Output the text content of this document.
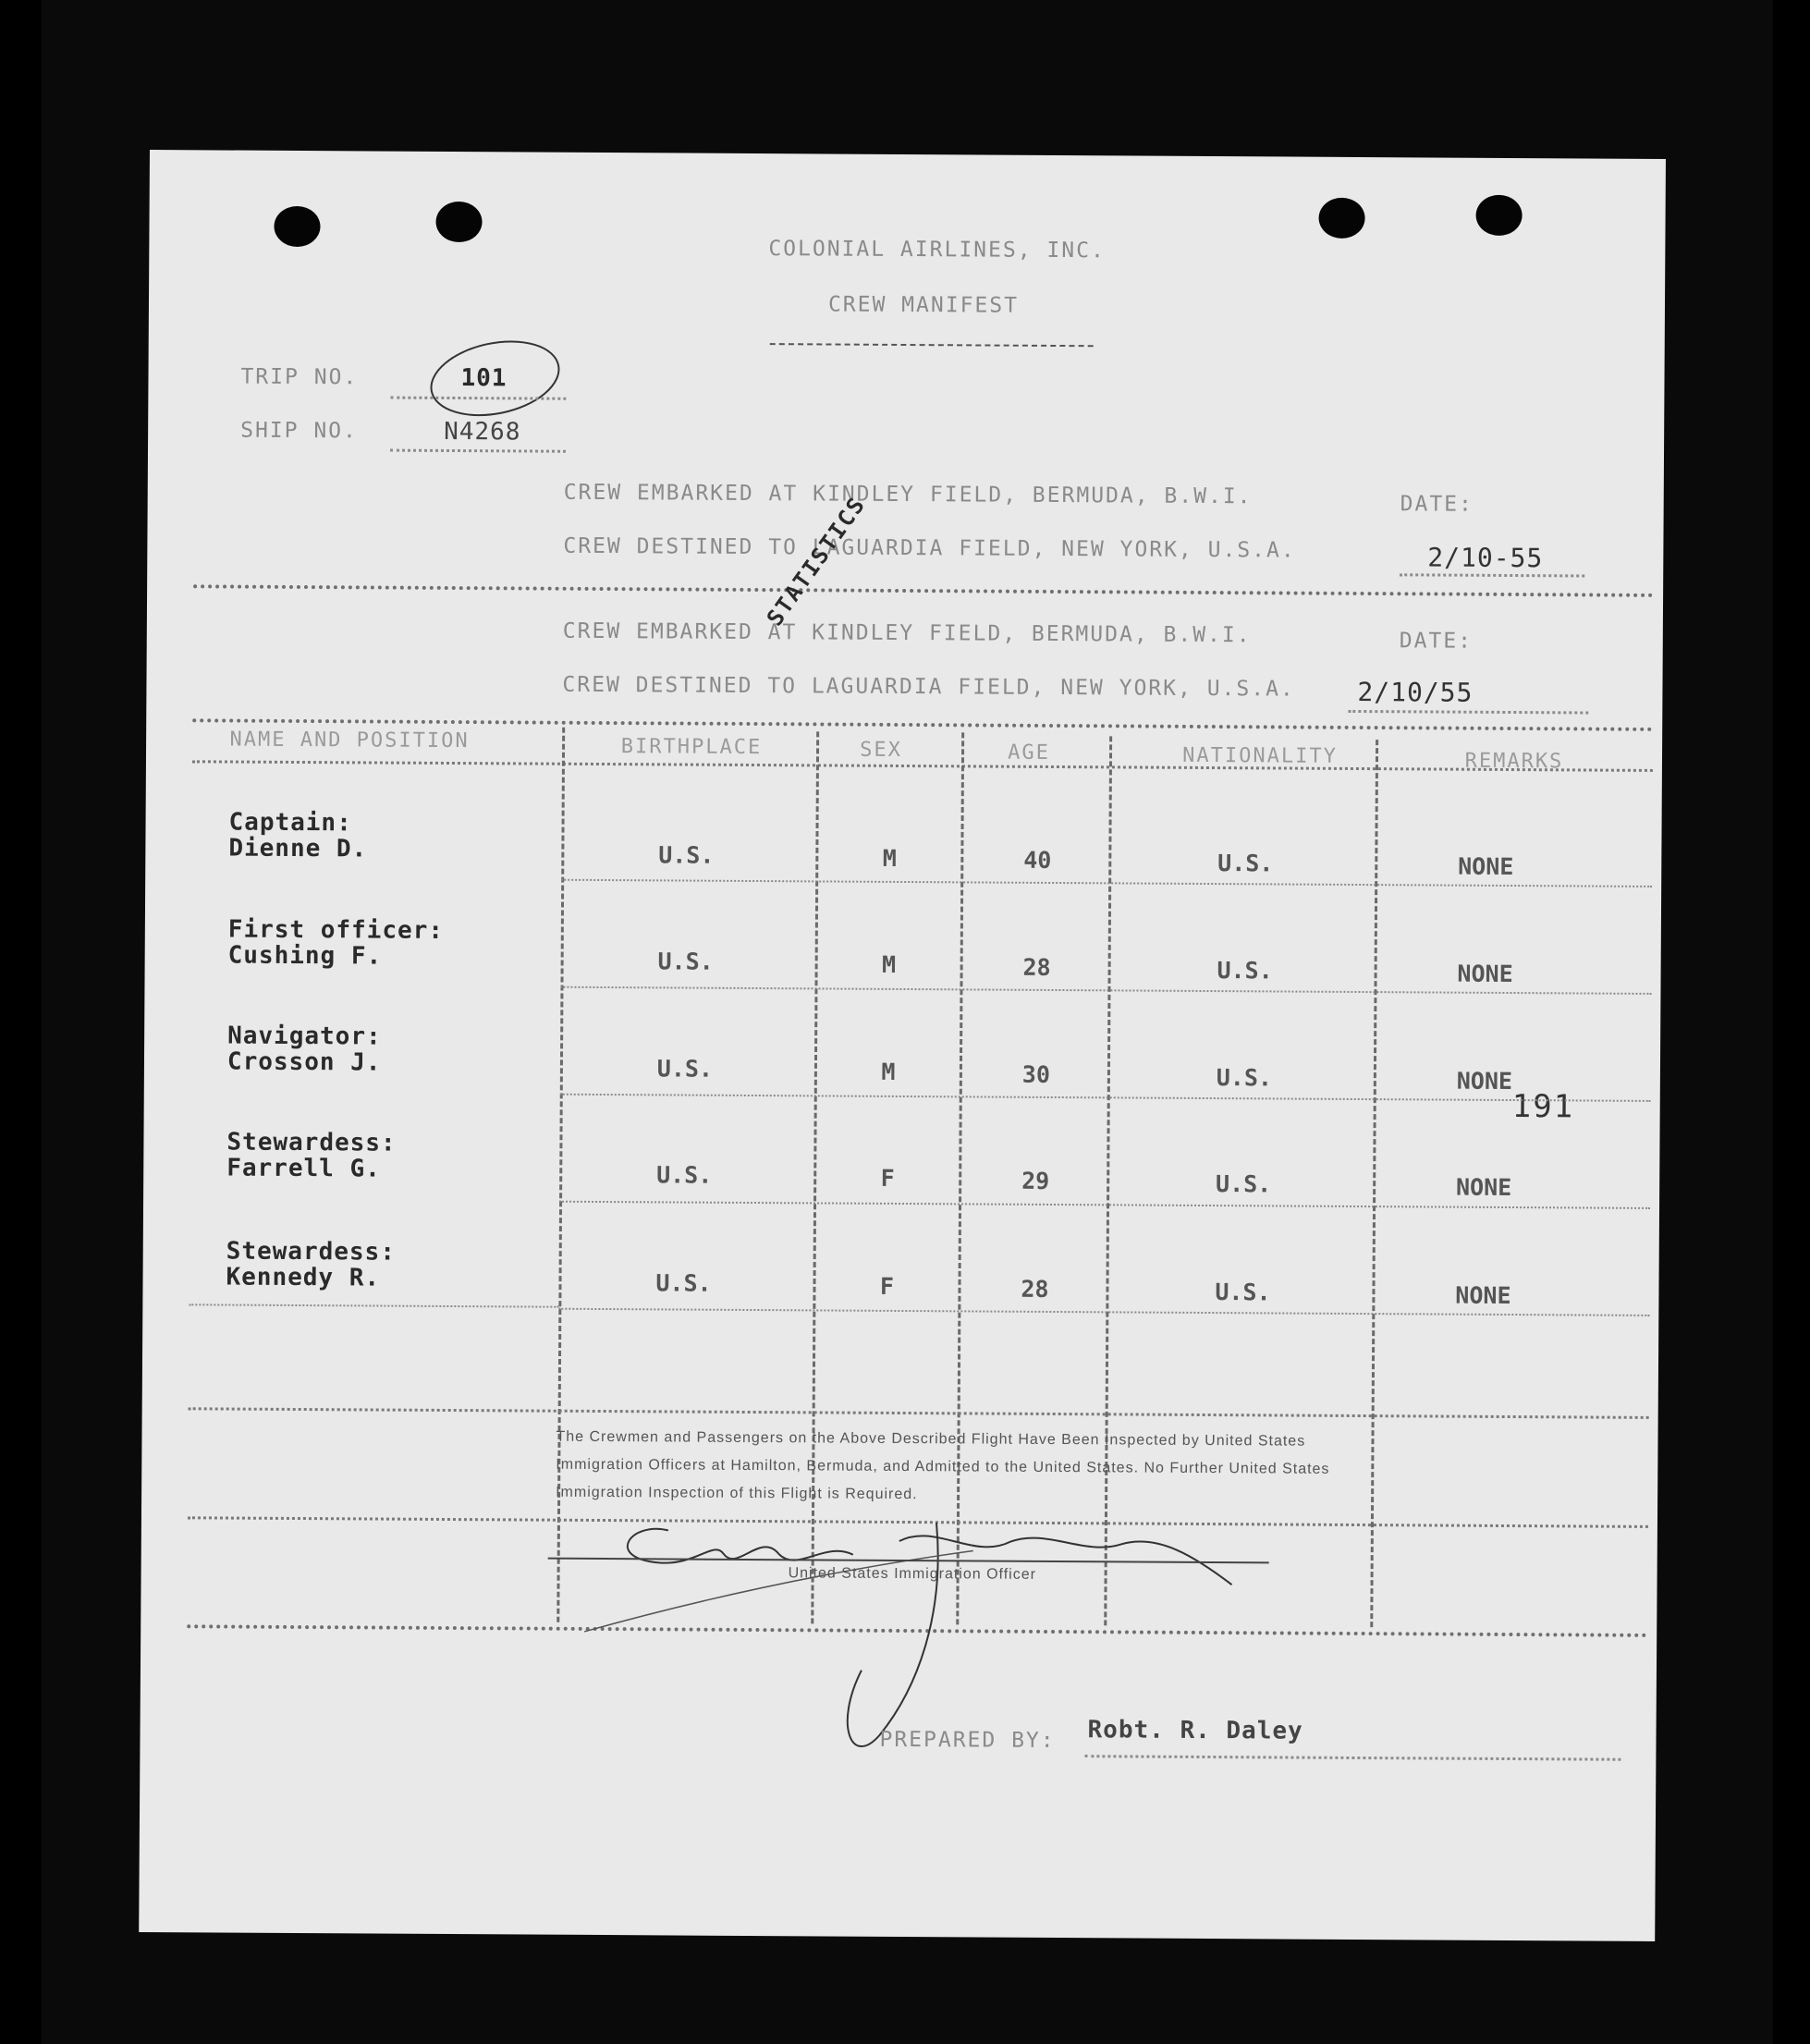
COLONIAL AIRLINES, INC.
CREW MANIFEST
TRIP NO.	101
SHIP NO.	N4268
CREW EMBARKED AT KINDLEY FIELD, BERMUDA, B.W.I.	DATE:
CREW DESTINED TO LAGUARDIA FIELD, NEW YORK, U.S.A.	2/10-55
STATISTICS
CREW EMBARKED AT KINDLEY FIELD, BERMUDA, B.W.I.	DATE:
CREW DESTINED TO LAGUARDIA FIELD, NEW YORK, U.S.A. 2/10/55
NAME AND POSITION	BIRTHPLACE	SEX	AGE	NATIONALITY	REMARKS
Captain:
Dienne D.	U.S.	M	40	U.S.	NONE
First officer:
Cushing F.	U.S.	M	28	U.S.	NONE
Navigator:
Crosson J.	U.S.	M	30	U.S.	NONE
191
Stewardess:
Farrell G.	U.S.	F	29	U.S.	NONE
Stewardess:
Kennedy R.	U.S.	F	28	U.S.	NONE
The Crewmen and Passengers on the Above Described Flight Have Been Inspected by United States Immigration Officers at Hamilton, Bermuda, and Admitted to the United States. No Further United States Immigration Inspection of this Flight is Required.
United States Immigration Officer
PREPARED BY: Robt. R. Daley
